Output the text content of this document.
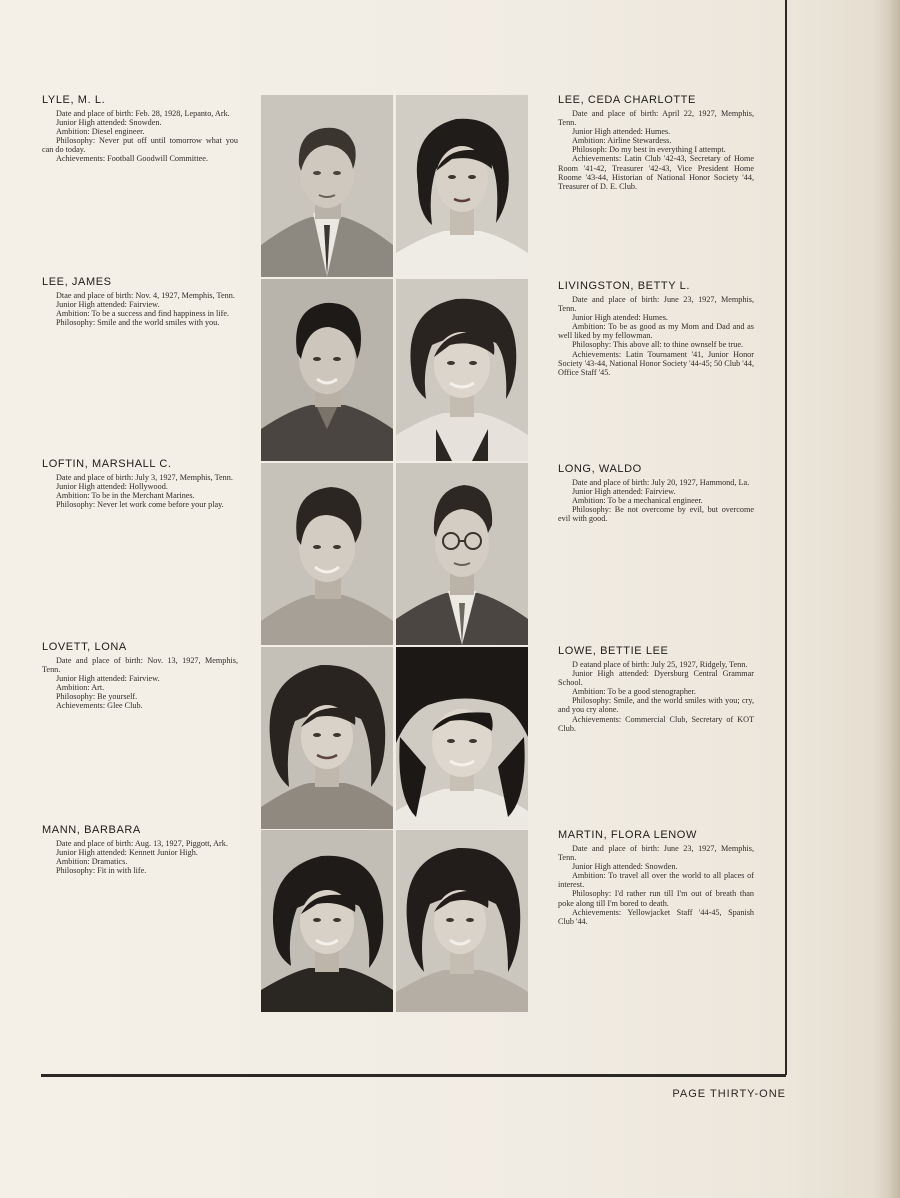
LYLE, M. L.

Date and place of birth: Feb. 28, 1928, Lepanto, Ark.

Junior High attended: Snowden.

Ambition: Diesel engineer.

Philosophy: Never put off until tomorrow what you can do today.

Achievements: Football Goodwill Committee.

LEE, JAMES

Dtae and place of birth: Nov. 4, 1927, Memphis, Tenn.

Junior High attended: Fairview.

Ambition: To be a success and find happiness in life.

Philosophy: Smile and the world smiles with you.

LOFTIN, MARSHALL C.

Date and place of birth: July 3, 1927, Memphis, Tenn.

Junior High attended: Hollywood.

Ambition: To be in the Merchant Marines.

Philosophy: Never let work come before your play.

LOVETT, LONA

Date and place of birth: Nov. 13, 1927, Memphis, Tenn.

Junior High attended: Fairview.

Ambition: Art.

Philosophy: Be yourself.

Achievements: Glee Club.

MANN, BARBARA

Date and place of birth: Aug. 13, 1927, Piggott, Ark.

Junior High attended: Kennett Junior High.

Ambition: Dramatics.

Philosophy: Fit in with life.

LEE, CEDA CHARLOTTE

Date and place of birth: April 22, 1927, Memphis, Tenn.

Junior High attended: Humes.

Ambition: Airline Stewardess.

Philosoph: Do my best in everything I attempt.

Achievements: Latin Club '42-43, Secretary of Home Room '41-42, Treasurer '42-43, Vice President Home Roome '43-44, Historian of National Honor Society '44, Treasurer of D. E. Club.

LIVINGSTON, BETTY L.

Date and place of birth: June 23, 1927, Memphis, Tenn.

Junior High atended: Humes.

Ambition: To be as good as my Mom and Dad and as well liked by my fellowman.

Philosophy: This above all: to thine ownself be true.

Achievements: Latin Tournament '41, Junior Honor Society '43-44, National Honor Society '44-45; 50 Club '44, Office Staff '45.

LONG, WALDO

Date and place of birth: July 20, 1927, Hammond, La.

Junior High attended: Fairview.

Ambition: To be a mechanical engineer.

Philosophy: Be not overcome by evil, but overcome evil with good.

LOWE, BETTIE LEE

D eatand place of birth: July 25, 1927, Ridgely, Tenn.

Junior High attended: Dyersburg Central Grammar School.

Ambition: To be a good stenographer.

Philosophy: Smile, and the world smiles with you; cry, and you cry alone.

Achievements: Commercial Club, Secretary of KOT Club.

MARTIN, FLORA LENOW

Date and place of birth: June 23, 1927, Memphis, Tenn.

Junior High attended: Snowden.

Ambition: To travel all over the world to all places of interest.

Philosophy: I'd rather run till I'm out of breath than poke along till I'm bored to death.

Achievements: Yellowjacket Staff '44-45, Spanish Club '44.

PAGE THIRTY-ONE
